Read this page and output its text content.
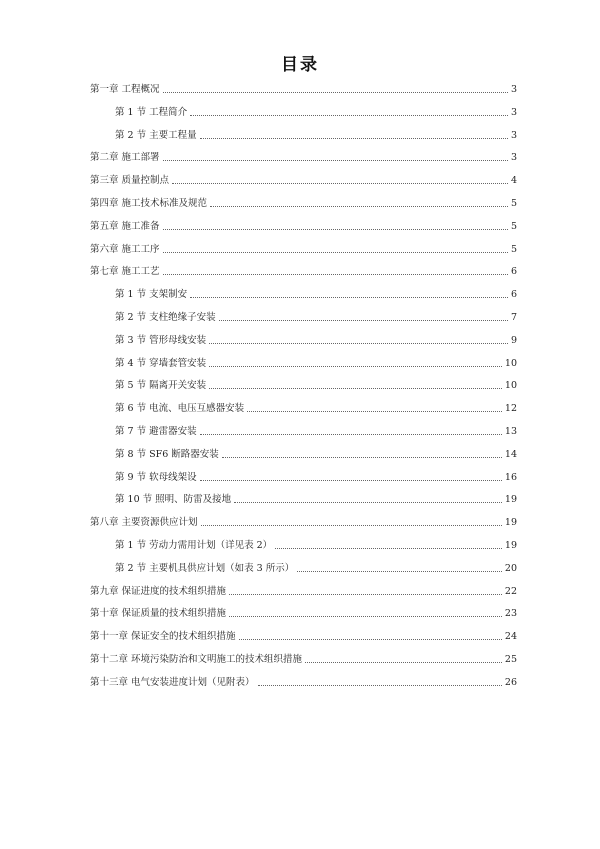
目录
第一章 工程概况	3
第 1 节 工程简介	3
第 2 节 主要工程量	3
第二章 施工部署	3
第三章 质量控制点	4
第四章 施工技术标准及规范	5
第五章 施工准备	5
第六章 施工工序	5
第七章 施工工艺	6
第 1 节 支架制安	6
第 2 节 支柱绝缘子安装	7
第 3 节 管形母线安装	9
第 4 节 穿墙套管安装	10
第 5 节 隔离开关安装	10
第 6 节 电流、电压互感器安装	12
第 7 节 避雷器安装	13
第 8 节 SF6 断路器安装	14
第 9 节 软母线架设	16
第 10 节 照明、防雷及接地	19
第八章 主要资源供应计划	19
第 1 节 劳动力需用计划（详见表 2）	19
第 2 节 主要机具供应计划（如表 3 所示）	20
第九章 保证进度的技术组织措施	22
第十章 保证质量的技术组织措施	23
第十一章 保证安全的技术组织措施	24
第十二章 环境污染防治和文明施工的技术组织措施	25
第十三章 电气安装进度计划（见附表）	26
